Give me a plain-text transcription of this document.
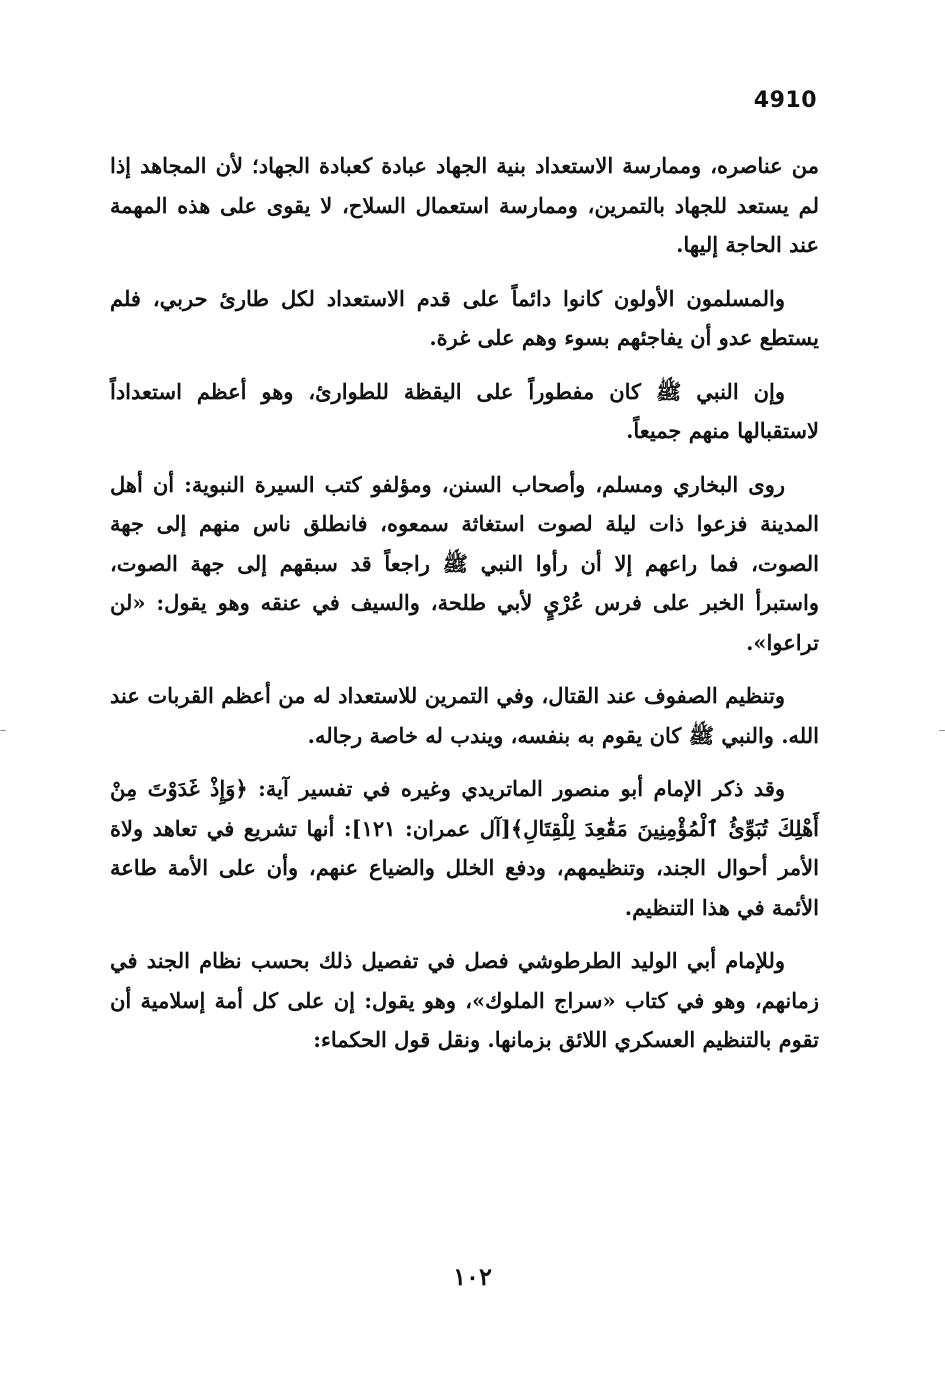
4910

من عناصره، وممارسة الاستعداد بنية الجهاد عبادة كعبادة الجهاد؛ لأن المجاهد إذا لم يستعد للجهاد بالتمرين، وممارسة استعمال السلاح، لا يقوى على هذه المهمة عند الحاجة إليها.

والمسلمون الأولون كانوا دائماً على قدم الاستعداد لكل طارئ حربي، فلم يستطع عدو أن يفاجئهم بسوء وهم على غرة.

وإن النبي ﷺ كان مفطوراً على اليقظة للطوارئ، وهو أعظم استعداداً لاستقبالها منهم جميعاً.

روى البخاري ومسلم، وأصحاب السنن، ومؤلفو كتب السيرة النبوية: أن أهل المدينة فزعوا ذات ليلة لصوت استغاثة سمعوه، فانطلق ناس منهم إلى جهة الصوت، فما راعهم إلا أن رأوا النبي ﷺ راجعاً قد سبقهم إلى جهة الصوت، واستبرأ الخبر على فرس عُرْيٍ لأبي طلحة، والسيف في عنقه وهو يقول: «لن تراعوا».

وتنظيم الصفوف عند القتال، وفي التمرين للاستعداد له من أعظم القربات عند الله. والنبي ﷺ كان يقوم به بنفسه، ويندب له خاصة رجاله.

وقد ذكر الإمام أبو منصور الماتريدي وغيره في تفسير آية: ﴿وَإِذْ غَدَوْتَ مِنْ أَهْلِكَ تُبَوِّئُ ٱلْمُؤْمِنِينَ مَقَٰعِدَ لِلْقِتَالِ﴾[آل عمران: ١٢١]: أنها تشريع في تعاهد ولاة الأمر أحوال الجند، وتنظيمهم، ودفع الخلل والضياع عنهم، وأن على الأمة طاعة الأئمة في هذا التنظيم.

وللإمام أبي الوليد الطرطوشي فصل في تفصيل ذلك بحسب نظام الجند في زمانهم، وهو في كتاب «سراج الملوك»، وهو يقول: إن على كل أمة إسلامية أن تقوم بالتنظيم العسكري اللائق بزمانها. ونقل قول الحكماء:

١٠٢
